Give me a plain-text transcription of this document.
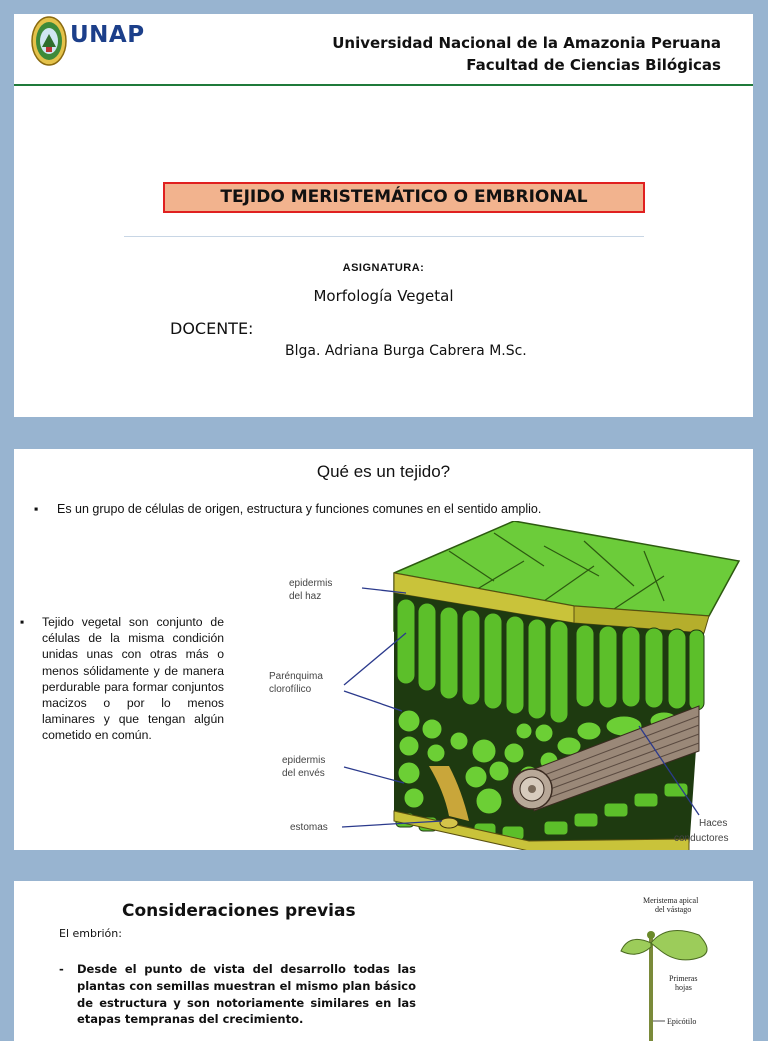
UNAP	Universidad Nacional de la Amazonia Peruana
Facultad de Ciencias Bilógicas
TEJIDO MERISTEMÁTICO O EMBRIONAL
ASIGNATURA:
Morfología Vegetal
DOCENTE:
Blga. Adriana Burga Cabrera M.Sc.
Qué es un tejido?
▪ Es un grupo de células de origen, estructura y funciones comunes en el sentido amplio.
▪	Tejido vegetal son conjunto de células de la misma condición unidas unas con otras más o menos sólidamente y de manera perdurable para formar conjuntos macizos o por lo menos laminares y que tengan algún cometido en común.
epidermis
del haz
Parénquima
clorofílico
epidermis
del envés
estomas	Haces
conductores
Consideraciones previas
El embrión:
- Desde el punto de vista del desarrollo todas las plantas con semillas muestran el mismo plan básico de estructura y son notoriamente similares en las etapas tempranas del crecimiento.
Meristema apical
del vástago
Primeras
hojas
Epicótilo
